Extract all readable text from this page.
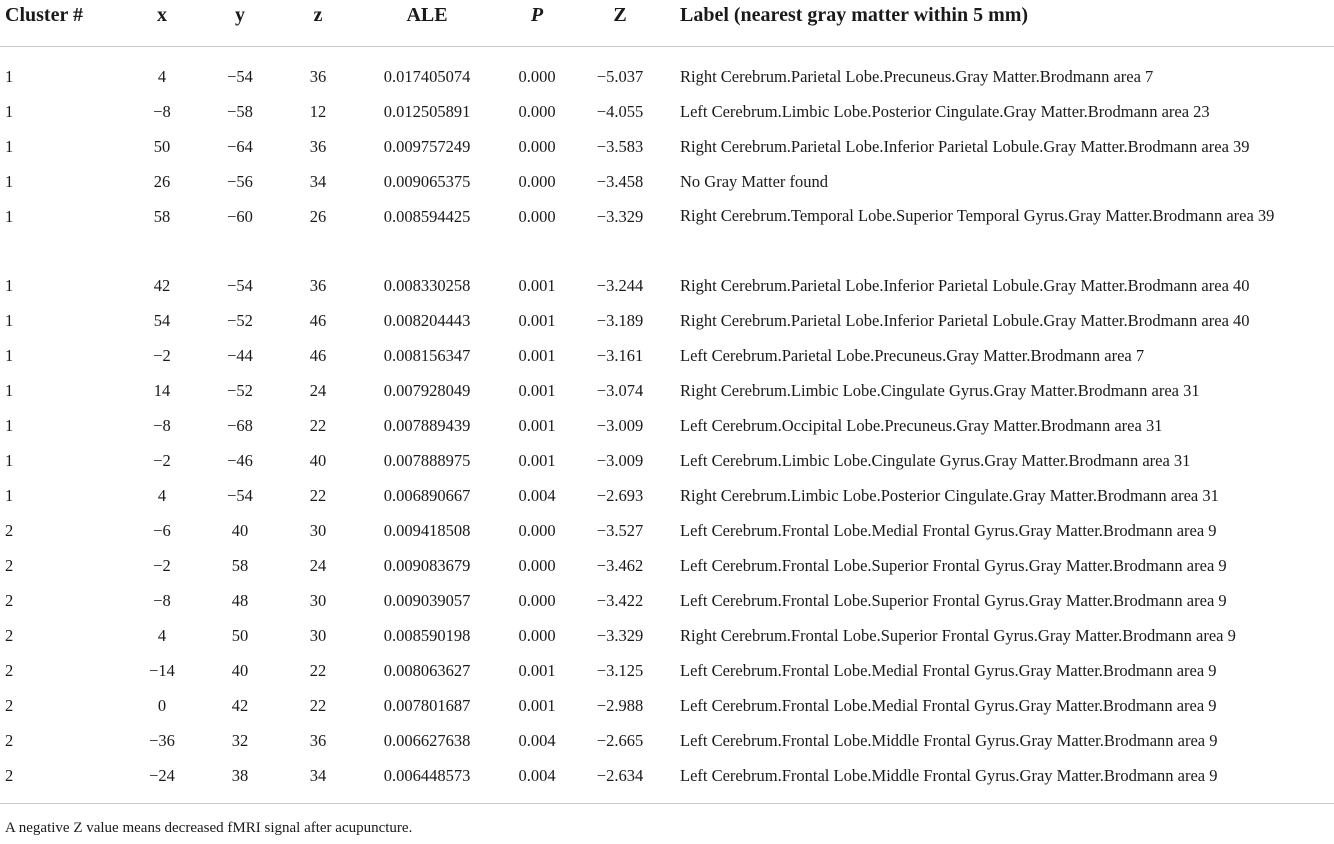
Cluster #	x	y	z	ALE	P	Z	Label (nearest gray matter within 5 mm)
1	4	−54	36	0.017405074	0.000	−5.037	Right Cerebrum.Parietal Lobe.Precuneus.Gray Matter.Brodmann area 7
1	−8	−58	12	0.012505891	0.000	−4.055	Left Cerebrum.Limbic Lobe.Posterior Cingulate.Gray Matter.Brodmann area 23
1	50	−64	36	0.009757249	0.000	−3.583	Right Cerebrum.Parietal Lobe.Inferior Parietal Lobule.Gray Matter.Brodmann area 39
1	26	−56	34	0.009065375	0.000	−3.458	No Gray Matter found
1	58	−60	26	0.008594425	0.000	−3.329	Right Cerebrum.Temporal Lobe.Superior Temporal Gyrus.Gray Matter.Brodmann area 39
1	42	−54	36	0.008330258	0.001	−3.244	Right Cerebrum.Parietal Lobe.Inferior Parietal Lobule.Gray Matter.Brodmann area 40
1	54	−52	46	0.008204443	0.001	−3.189	Right Cerebrum.Parietal Lobe.Inferior Parietal Lobule.Gray Matter.Brodmann area 40
1	−2	−44	46	0.008156347	0.001	−3.161	Left Cerebrum.Parietal Lobe.Precuneus.Gray Matter.Brodmann area 7
1	14	−52	24	0.007928049	0.001	−3.074	Right Cerebrum.Limbic Lobe.Cingulate Gyrus.Gray Matter.Brodmann area 31
1	−8	−68	22	0.007889439	0.001	−3.009	Left Cerebrum.Occipital Lobe.Precuneus.Gray Matter.Brodmann area 31
1	−2	−46	40	0.007888975	0.001	−3.009	Left Cerebrum.Limbic Lobe.Cingulate Gyrus.Gray Matter.Brodmann area 31
1	4	−54	22	0.006890667	0.004	−2.693	Right Cerebrum.Limbic Lobe.Posterior Cingulate.Gray Matter.Brodmann area 31
2	−6	40	30	0.009418508	0.000	−3.527	Left Cerebrum.Frontal Lobe.Medial Frontal Gyrus.Gray Matter.Brodmann area 9
2	−2	58	24	0.009083679	0.000	−3.462	Left Cerebrum.Frontal Lobe.Superior Frontal Gyrus.Gray Matter.Brodmann area 9
2	−8	48	30	0.009039057	0.000	−3.422	Left Cerebrum.Frontal Lobe.Superior Frontal Gyrus.Gray Matter.Brodmann area 9
2	4	50	30	0.008590198	0.000	−3.329	Right Cerebrum.Frontal Lobe.Superior Frontal Gyrus.Gray Matter.Brodmann area 9
2	−14	40	22	0.008063627	0.001	−3.125	Left Cerebrum.Frontal Lobe.Medial Frontal Gyrus.Gray Matter.Brodmann area 9
2	0	42	22	0.007801687	0.001	−2.988	Left Cerebrum.Frontal Lobe.Medial Frontal Gyrus.Gray Matter.Brodmann area 9
2	−36	32	36	0.006627638	0.004	−2.665	Left Cerebrum.Frontal Lobe.Middle Frontal Gyrus.Gray Matter.Brodmann area 9
2	−24	38	34	0.006448573	0.004	−2.634	Left Cerebrum.Frontal Lobe.Middle Frontal Gyrus.Gray Matter.Brodmann area 9
A negative Z value means decreased fMRI signal after acupuncture.
